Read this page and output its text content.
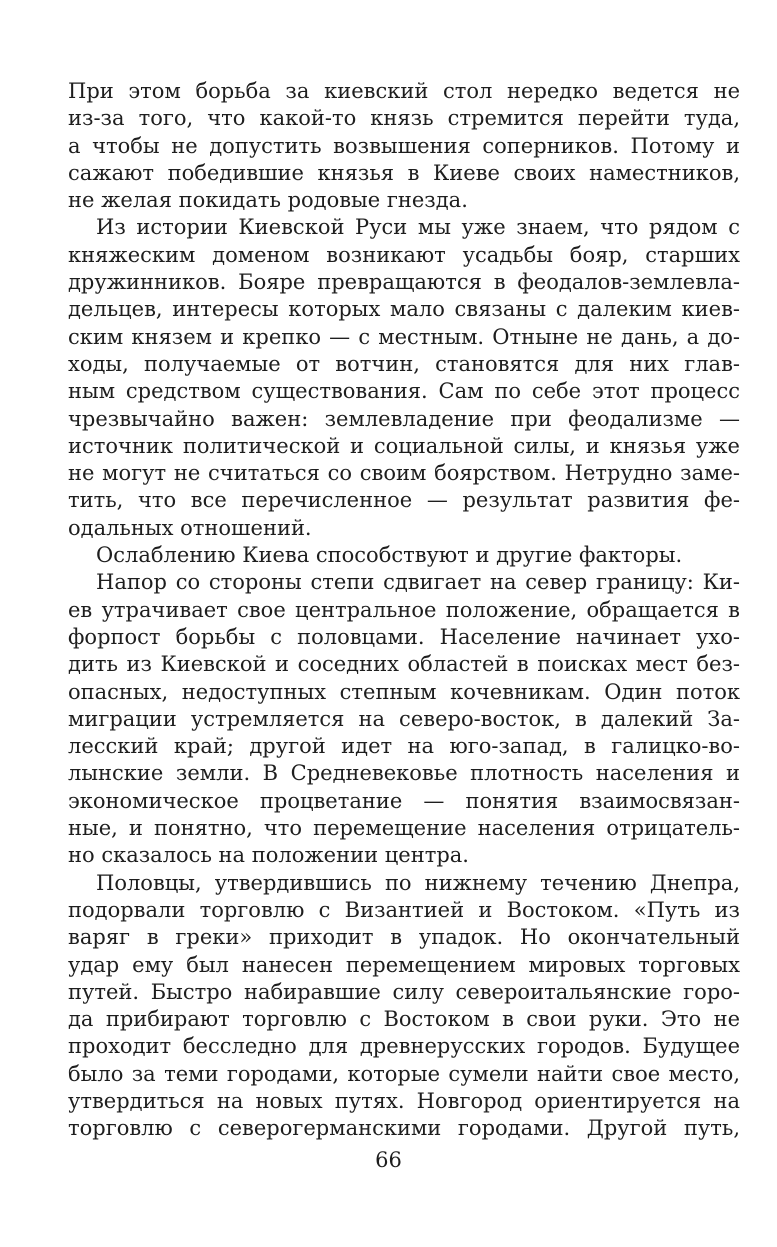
При этом борьба за киевский стол нередко ведется не
из-за того, что какой-то князь стремится перейти туда,
а чтобы не допустить возвышения соперников. Потому и
сажают победившие князья в Киеве своих наместников,
не желая покидать родовые гнезда.
Из истории Киевской Руси мы уже знаем, что рядом с
княжеским доменом возникают усадьбы бояр, старших
дружинников. Бояре превращаются в феодалов-землевла-
дельцев, интересы которых мало связаны с далеким киев-
ским князем и крепко — с местным. Отныне не дань, а до-
ходы, получаемые от вотчин, становятся для них глав-
ным средством существования. Сам по себе этот процесс
чрезвычайно важен: землевладение при феодализме —
источник политической и социальной силы, и князья уже
не могут не считаться со своим боярством. Нетрудно заме-
тить, что все перечисленное — результат развития фе-
одальных отношений.
Ослаблению Киева способствуют и другие факторы.
Напор со стороны степи сдвигает на север границу: Ки-
ев утрачивает свое центральное положение, обращается в
форпост борьбы с половцами. Население начинает ухо-
дить из Киевской и соседних областей в поисках мест без-
опасных, недоступных степным кочевникам. Один поток
миграции устремляется на северо-восток, в далекий За-
лесский край; другой идет на юго-запад, в галицко-во-
лынские земли. В Средневековье плотность населения и
экономическое процветание — понятия взаимосвязан-
ные, и понятно, что перемещение населения отрицатель-
но сказалось на положении центра.
Половцы, утвердившись по нижнему течению Днепра,
подорвали торговлю с Византией и Востоком. «Путь из
варяг в греки» приходит в упадок. Но окончательный
удар ему был нанесен перемещением мировых торговых
путей. Быстро набиравшие силу североитальянские горо-
да прибирают торговлю с Востоком в свои руки. Это не
проходит бесследно для древнерусских городов. Будущее
было за теми городами, которые сумели найти свое место,
утвердиться на новых путях. Новгород ориентируется на
торговлю с северогерманскими городами. Другой путь,
66
